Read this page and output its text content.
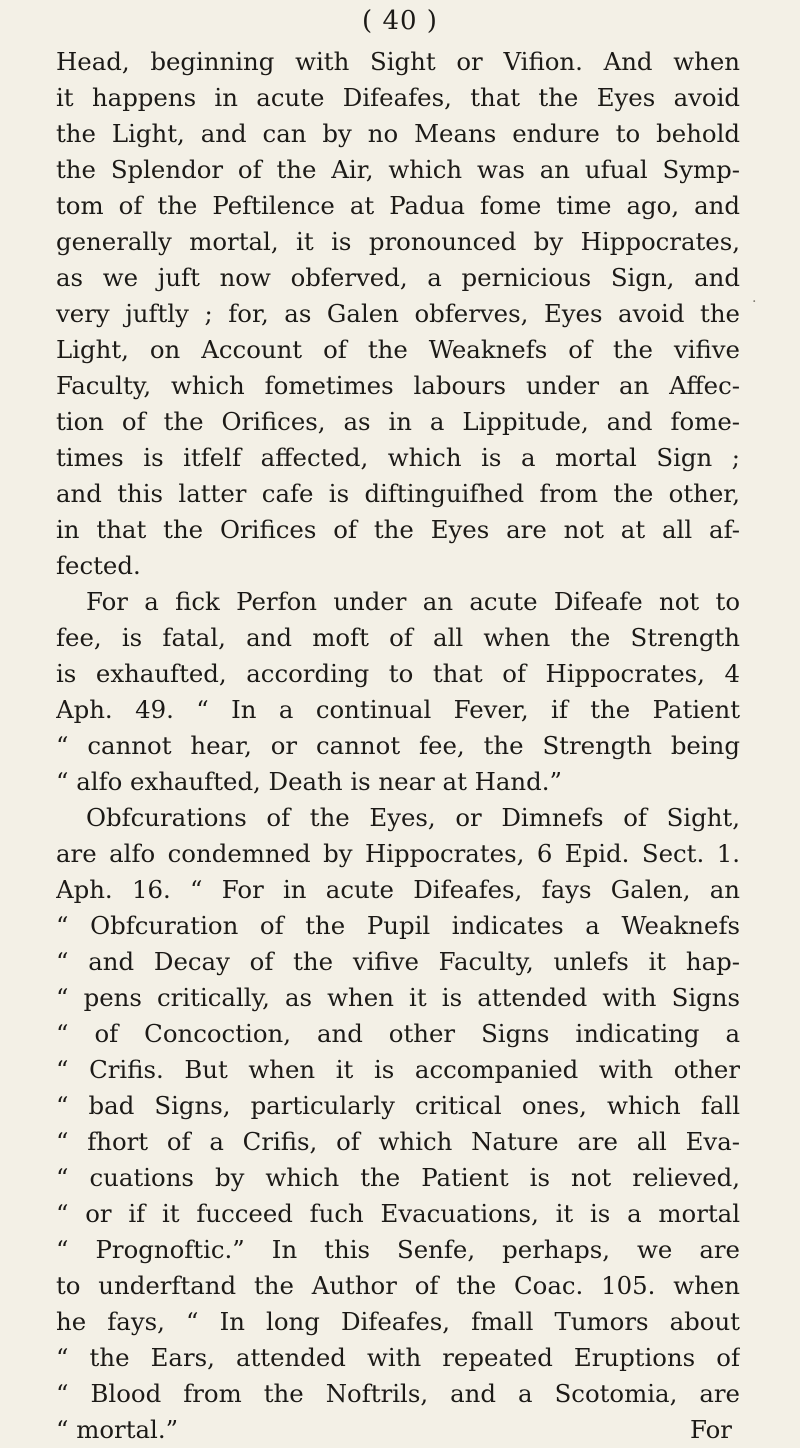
( 40 )
.
Head, beginning with Sight or Vifion. And when
it happens in acute Difeafes, that the Eyes avoid
the Light, and can by no Means endure to behold
the Splendor of the Air, which was an ufual Symp-
tom of the Peftilence at Padua fome time ago, and
generally mortal, it is pronounced by Hippocrates,
as we juft now obferved, a pernicious Sign, and
very juftly ; for, as Galen obferves, Eyes avoid the
Light, on Account of the Weaknefs of the vifive
Faculty, which fometimes labours under an Affec-
tion of the Orifices, as in a Lippitude, and fome-
times is itfelf affected, which is a mortal Sign ;
and this latter cafe is diftinguifhed from the other,
in that the Orifices of the Eyes are not at all af-
fected.
For a fick Perfon under an acute Difeafe not to
fee, is fatal, and moft of all when the Strength
is exhaufted, according to that of Hippocrates, 4
Aph. 49. “ In a continual Fever, if the Patient
“ cannot hear, or cannot fee, the Strength being
“ alfo exhaufted, Death is near at Hand.”
Obfcurations of the Eyes, or Dimnefs of Sight,
are alfo condemned by Hippocrates, 6 Epid. Sect. 1.
Aph. 16. “ For in acute Difeafes, fays Galen, an
“ Obfcuration of the Pupil indicates a Weaknefs
“ and Decay of the vifive Faculty, unlefs it hap-
“ pens critically, as when it is attended with Signs
“ of Concoction, and other Signs indicating a
“ Crifis. But when it is accompanied with other
“ bad Signs, particularly critical ones, which fall
“ fhort of a Crifis, of which Nature are all Eva-
“ cuations by which the Patient is not relieved,
“ or if it fucceed fuch Evacuations, it is a mortal
“ Prognoftic.” In this Senfe, perhaps, we are
to underftand the Author of the Coac. 105. when
he fays, “ In long Difeafes, fmall Tumors about
“ the Ears, attended with repeated Eruptions of
“ Blood from the Noftrils, and a Scotomia, are
“ mortal.”	For
